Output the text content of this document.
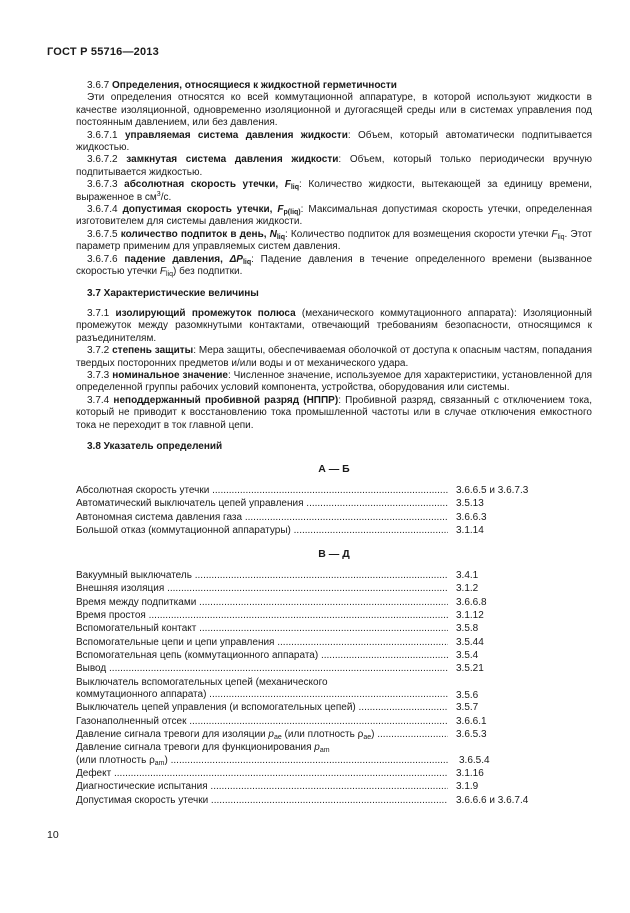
ГОСТ Р 55716—2013

3.6.7 Определения, относящиеся к жидкостной герметичности

Эти определения относятся ко всей коммутационной аппаратуре, в которой используют жидкости в качестве изоляционной, одновременно изоляционной и дугогасящей среды или в системах управления под постоянным давлением, или без давления.

3.6.7.1 управляемая система давления жидкости: Объем, который автоматически подпитывается жидкостью.

3.6.7.2 замкнутая система давления жидкости: Объем, который только периодически вручную подпитывается жидкостью.

3.6.7.3 абсолютная скорость утечки, $F_{liq}$: Количество жидкости, вытекающей за единицу времени, выраженное в $см^3/с$.

3.6.7.4 допустимая скорость утечки, $F_{p(liq)}$: Максимальная допустимая скорость утечки, определенная изготовителем для системы давления жидкости.

3.6.7.5 количество подпиток в день, $N_{liq}$: Количество подпиток для возмещения скорости утечки $F_{liq}$. Этот параметр применим для управляемых систем давления.

3.6.7.6 падение давления, $\Delta P_{liq}$: Падение давления в течение определенного времени (вызванное скоростью утечки $F_{liq}$) без подпитки.

3.7 Характеристические величины

3.7.1 изолирующий промежуток полюса (механического коммутационного аппарата): Изоляционный промежуток между разомкнутыми контактами, отвечающий требованиям безопасности, относящимся к разъединителям.

3.7.2 степень защиты: Мера защиты, обеспечиваемая оболочкой от доступа к опасным частям, попадания твердых посторонних предметов и/или воды и от механического удара.

3.7.3 номинальное значение: Численное значение, используемое для характеристики, установленной для определенной группы рабочих условий компонента, устройства, оборудования или системы.

3.7.4 неподдержанный пробивной разряд (НППР): Пробивной разряд, связанный с отключением тока, который не приводит к восстановлению тока промышленной частоты или в случае отключения емкостного тока не переходит в ток главной цепи.

3.8 Указатель определений
А — Б
Абсолютная скорость утечки .....	3.6.6.5 и 3.6.7.3
Автоматический выключатель цепей управления .....	3.5.13
Автономная система давления газа .....	3.6.6.3
Большой отказ (коммутационной аппаратуры) .....	3.1.14
В — Д
Вакуумный выключатель .....	3.4.1
Внешняя изоляция .....	3.1.2
Время между подпитками .....	3.6.6.8
Время простоя .....	3.1.12
Вспомогательный контакт .....	3.5.8
Вспомогательные цепи и цепи управления .....	3.5.44
Вспомогательная цепь (коммутационного аппарата) .....	3.5.4
Вывод .....	3.5.21
Выключатель вспомогательных цепей (механического
коммутационного аппарата) .....	3.5.6
Выключатель цепей управления (и вспомогательных цепей) .....	3.5.7
Газонаполненный отсек .....	3.6.6.1
Давление сигнала тревоги для изоляции $p_{ae}$ (или плотность $\rho_{ae}$) .....	3.6.5.3
Давление сигнала тревоги для функционирования $p_{am}$
(или плотность $\rho_{am}$) .....	3.6.5.4
Дефект .....	3.1.16
Диагностические испытания .....	3.1.9
Допустимая скорость утечки .....	3.6.6.6 и 3.6.7.4
10
